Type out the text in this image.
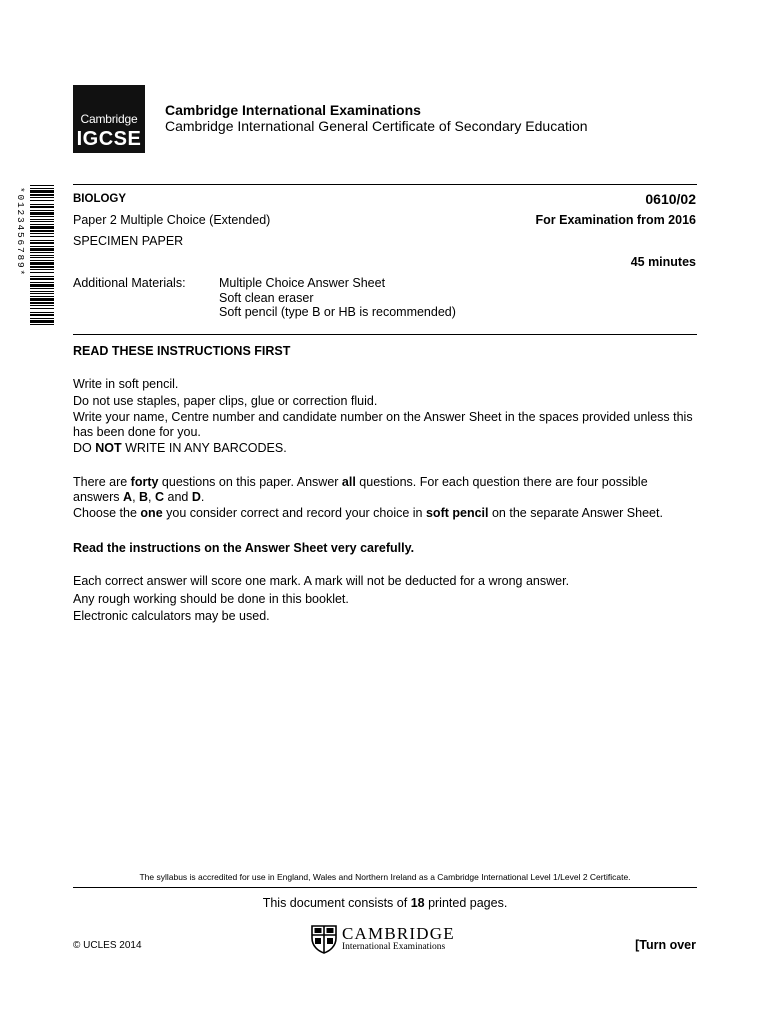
Cambridge
IGCSE
Cambridge International Examinations
Cambridge International General Certificate of Secondary Education
*0123456789*	BIOLOGY	0610/02
Paper 2 Multiple Choice (Extended)	For Examination from 2016
SPECIMEN PAPER
45 minutes
Additional Materials:	Multiple Choice Answer Sheet
Soft clean eraser
Soft pencil (type B or HB is recommended)
READ THESE INSTRUCTIONS FIRST

Write in soft pencil.

Do not use staples, paper clips, glue or correction fluid.

Write your name, Centre number and candidate number on the Answer Sheet in the spaces provided unless this has been done for you.

DO NOT WRITE IN ANY BARCODES.

There are forty questions on this paper. Answer all questions. For each question there are four possible answers A, B, C and D.

Choose the one you consider correct and record your choice in soft pencil on the separate Answer Sheet.

Read the instructions on the Answer Sheet very carefully.

Each correct answer will score one mark. A mark will not be deducted for a wrong answer.

Any rough working should be done in this booklet.

Electronic calculators may be used.

The syllabus is accredited for use in England, Wales and Northern Ireland as a Cambridge International Level 1/Level 2 Certificate.
This document consists of 18 printed pages.
© UCLES 2014	[Turn over
CAMBRIDGE
International Examinations
